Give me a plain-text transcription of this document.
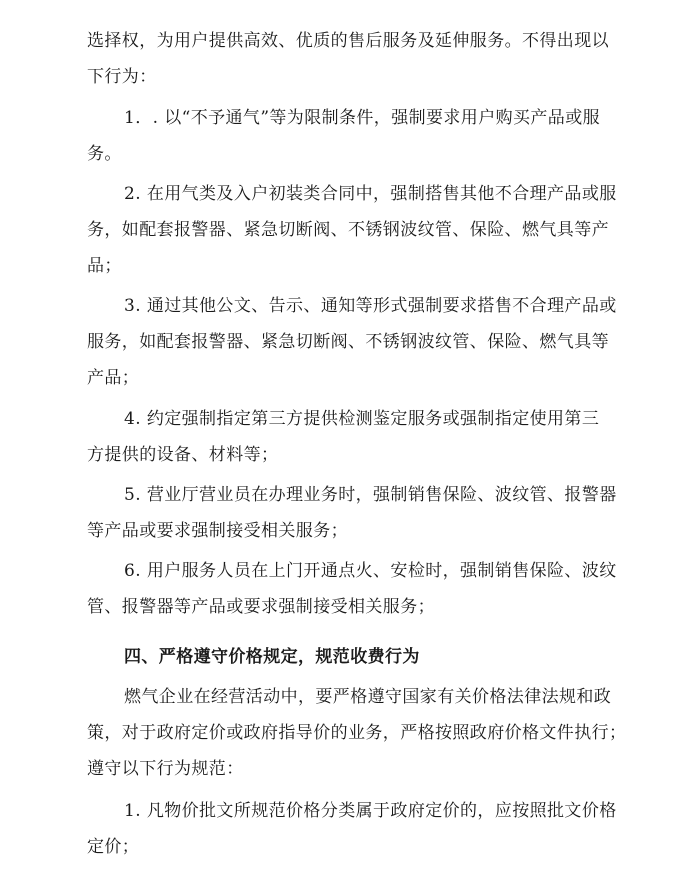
选择权，为用户提供高效、优质的售后服务及延伸服务。不得出现以
下行为：
1．. 以“不予通气”等为限制条件，强制要求用户购买产品或服
务。
2. 在用气类及入户初装类合同中，强制搭售其他不合理产品或服
务，如配套报警器、紧急切断阀、不锈钢波纹管、保险、燃气具等产
品；
3. 通过其他公文、告示、通知等形式强制要求搭售不合理产品或
服务，如配套报警器、紧急切断阀、不锈钢波纹管、保险、燃气具等
产品；
4. 约定强制指定第三方提供检测鉴定服务或强制指定使用第三
方提供的设备、材料等；
5. 营业厅营业员在办理业务时，强制销售保险、波纹管、报警器
等产品或要求强制接受相关服务；
6. 用户服务人员在上门开通点火、安检时，强制销售保险、波纹
管、报警器等产品或要求强制接受相关服务；
四、严格遵守价格规定，规范收费行为
燃气企业在经营活动中，要严格遵守国家有关价格法律法规和政
策，对于政府定价或政府指导价的业务，严格按照政府价格文件执行；
遵守以下行为规范：
1. 凡物价批文所规范价格分类属于政府定价的，应按照批文价格
定价；
